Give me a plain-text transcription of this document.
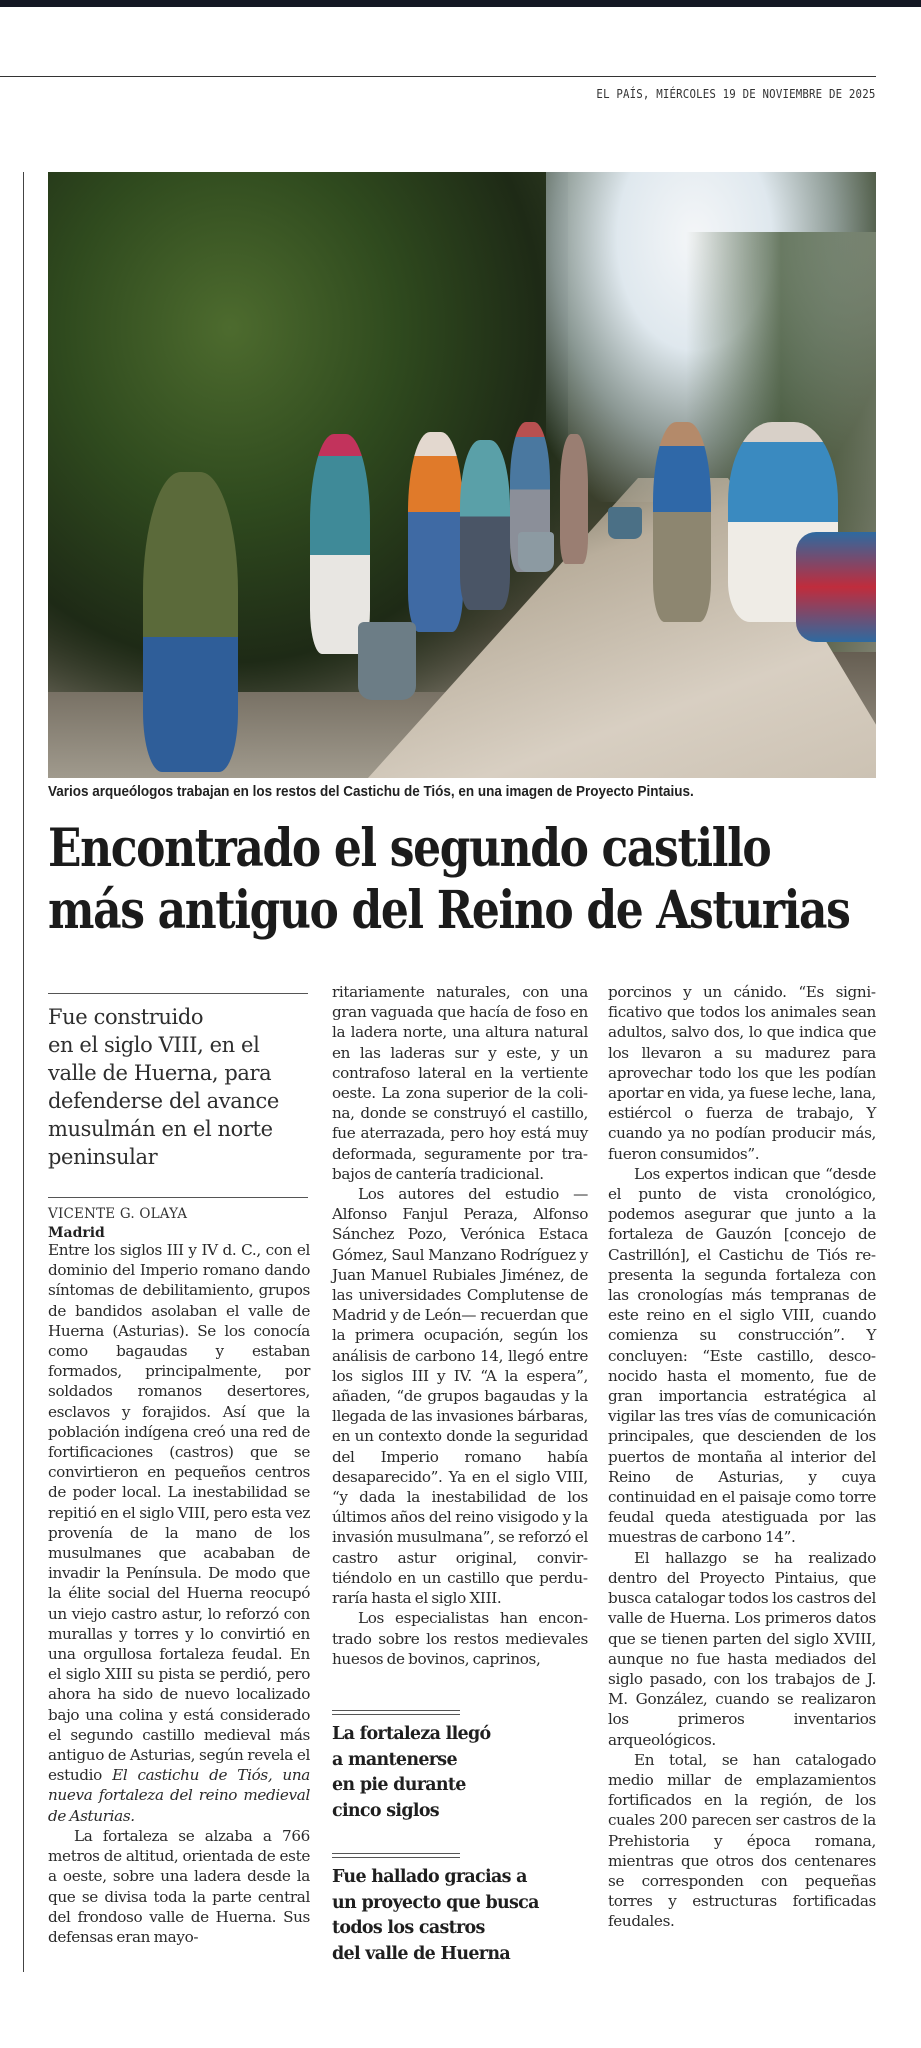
EL PAÍS, MIÉRCOLES 19 DE NOVIEMBRE DE 2025
Varios arqueólogos trabajan en los restos del Castichu de Tiós, en una imagen de Proyecto Pintaius.
Encontrado el segundo castillo
más antiguo del Reino de Asturias
Fue construido
en el siglo VIII, en el
valle de Huerna, para
defenderse del avance
musulmán en el norte
peninsular
VICENTE G. OLAYA
Madrid

Entre los siglos III y IV d. C., con el dominio del Imperio romano dando síntomas de debilitamiento, grupos de bandidos asolaban el valle de Huerna (Asturias). Se los conocía como bagaudas y estaban formados, principalmente, por soldados romanos desertores, esclavos y forajidos. Así que la población indígena creó una red de fortificaciones (castros) que se convirtieron en pequeños centros de poder local. La inestabilidad se repitió en el siglo VIII, pero esta vez provenía de la mano de los musulmanes que acababan de invadir la Península. De modo que la élite social del Huerna reocupó un viejo castro astur, lo reforzó con murallas y torres y lo convirtió en una orgullosa fortaleza feudal. En el siglo XIII su pista se perdió, pero ahora ha sido de nuevo localizado bajo una colina y está considerado el segundo castillo medieval más antiguo de Asturias, según revela el estudio El castichu de Tiós, una nueva fortaleza del reino medieval de Asturias.

La fortaleza se alzaba a 766 metros de altitud, orientada de este a oeste, sobre una ladera desde la que se divisa toda la parte central del frondoso valle de Huerna. Sus defensas eran mayo-

ritariamente naturales, con una gran vaguada que hacía de foso en la ladera norte, una altura natural en las laderas sur y este, y un contrafoso lateral en la vertiente oeste. La zona superior de la colina, donde se construyó el castillo, fue aterrazada, pero hoy está muy deformada, seguramente por trabajos de cantería tradicional.

Los autores del estudio —Alfonso Fanjul Peraza, Alfonso Sánchez Pozo, Verónica Estaca Gómez, Saul Manzano Rodríguez y Juan Manuel Rubiales Jiménez, de las universidades Complutense de Madrid y de León— recuerdan que la primera ocupación, según los análisis de carbono 14, llegó entre los siglos III y IV. “A la espera”, añaden, “de grupos bagaudas y la llegada de las invasiones bárbaras, en un contexto donde la seguridad del Imperio romano había desaparecido”. Ya en el siglo VIII, “y dada la inestabilidad de los últimos años del reino visigodo y la invasión musulmana”, se reforzó el castro astur original, convirtiéndolo en un castillo que perduraría hasta el siglo XIII.

Los especialistas han encontrado sobre los restos medievales huesos de bovinos, caprinos,

La fortaleza llegó
a mantenerse
en pie durante
cinco siglos
Fue hallado gracias a
un proyecto que busca
todos los castros
del valle de Huerna

porcinos y un cánido. “Es significativo que todos los animales sean adultos, salvo dos, lo que indica que los llevaron a su madurez para aprovechar todo los que les podían aportar en vida, ya fuese leche, lana, estiércol o fuerza de trabajo, Y cuando ya no podían producir más, fueron consumidos”.

Los expertos indican que “desde el punto de vista cronológico, podemos asegurar que junto a la fortaleza de Gauzón [concejo de Castrillón], el Castichu de Tiós representa la segunda fortaleza con las cronologías más tempranas de este reino en el siglo VIII, cuando comienza su construcción”. Y concluyen: “Este castillo, desconocido hasta el momento, fue de gran importancia estratégica al vigilar las tres vías de comunicación principales, que descienden de los puertos de montaña al interior del Reino de Asturias, y cuya continuidad en el paisaje como torre feudal queda atestiguada por las muestras de carbono 14”.

El hallazgo se ha realizado dentro del Proyecto Pintaius, que busca catalogar todos los castros del valle de Huerna. Los primeros datos que se tienen parten del siglo XVIII, aunque no fue hasta mediados del siglo pasado, con los trabajos de J. M. González, cuando se realizaron los primeros inventarios arqueológicos.

En total, se han catalogado medio millar de emplazamientos fortificados en la región, de los cuales 200 parecen ser castros de la Prehistoria y época romana, mientras que otros dos centenares se corresponden con pequeñas torres y estructuras fortificadas feudales.
